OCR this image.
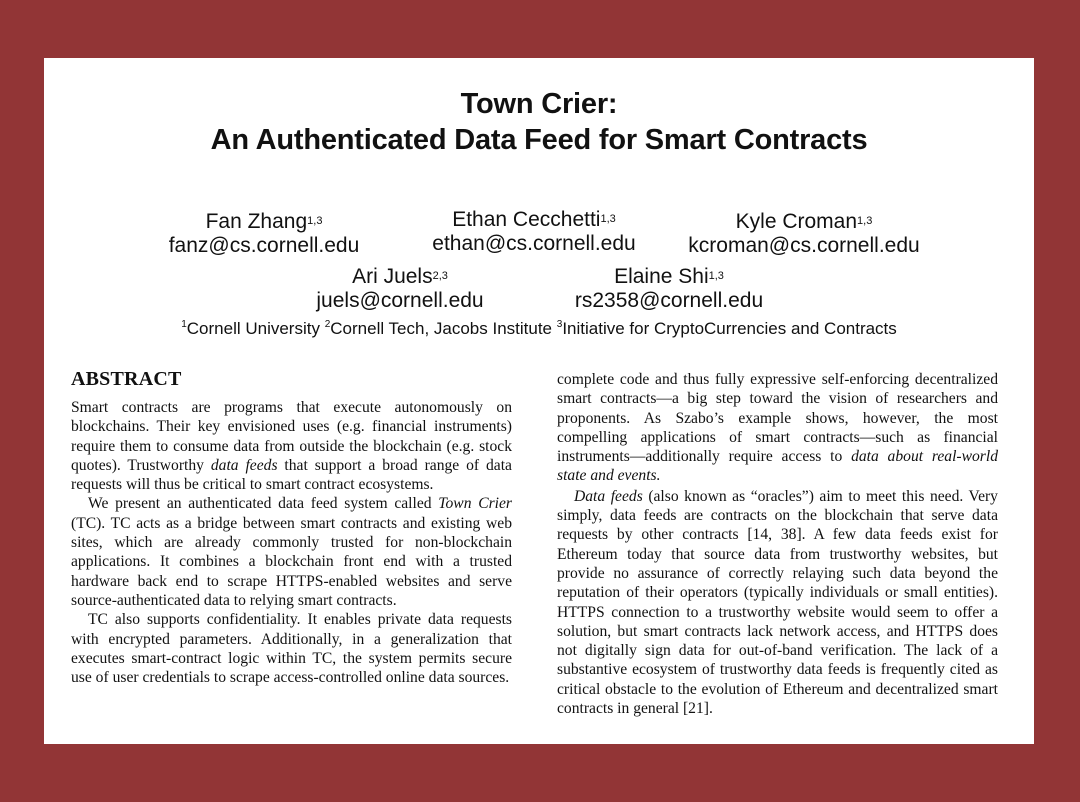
Town Crier:
An Authenticated Data Feed for Smart Contracts
Fan Zhang$^{1,3}$
fanz@cs.cornell.edu
Ethan Cecchetti$^{1,3}$
ethan@cs.cornell.edu
Kyle Croman$^{1,3}$
kcroman@cs.cornell.edu
Ari Juels$^{2,3}$
juels@cornell.edu
Elaine Shi$^{1,3}$
rs2358@cornell.edu
$^1$Cornell University $^2$Cornell Tech, Jacobs Institute $^3$Initiative for CryptoCurrencies and Contracts
ABSTRACT

Smart contracts are programs that execute autonomously on blockchains. Their key envisioned uses (e.g. financial instruments) require them to consume data from outside the blockchain (e.g. stock quotes). Trustworthy data feeds that support a broad range of data requests will thus be critical to smart contract ecosystems.

We present an authenticated data feed system called Town Crier (TC). TC acts as a bridge between smart contracts and existing web sites, which are already commonly trusted for non-blockchain applications. It combines a blockchain front end with a trusted hardware back end to scrape HTTPS-enabled websites and serve source-authenticated data to relying smart contracts.

TC also supports confidentiality. It enables private data requests with encrypted parameters. Additionally, in a generalization that executes smart-contract logic within TC, the system permits secure use of user credentials to scrape access-controlled online data sources.

complete code and thus fully expressive self-enforcing decentralized smart contracts—a big step toward the vision of researchers and proponents. As Szabo’s example shows, however, the most compelling applications of smart contracts—such as financial instruments—additionally require access to data about real-world state and events.

Data feeds (also known as “oracles”) aim to meet this need. Very simply, data feeds are contracts on the blockchain that serve data requests by other contracts [14, 38]. A few data feeds exist for Ethereum today that source data from trustworthy websites, but provide no assurance of correctly relaying such data beyond the reputation of their operators (typically individuals or small entities). HTTPS connection to a trustworthy website would seem to offer a solution, but smart contracts lack network access, and HTTPS does not digitally sign data for out-of-band verification. The lack of a substantive ecosystem of trustworthy data feeds is frequently cited as critical obstacle to the evolution of Ethereum and decentralized smart contracts in general [21].
